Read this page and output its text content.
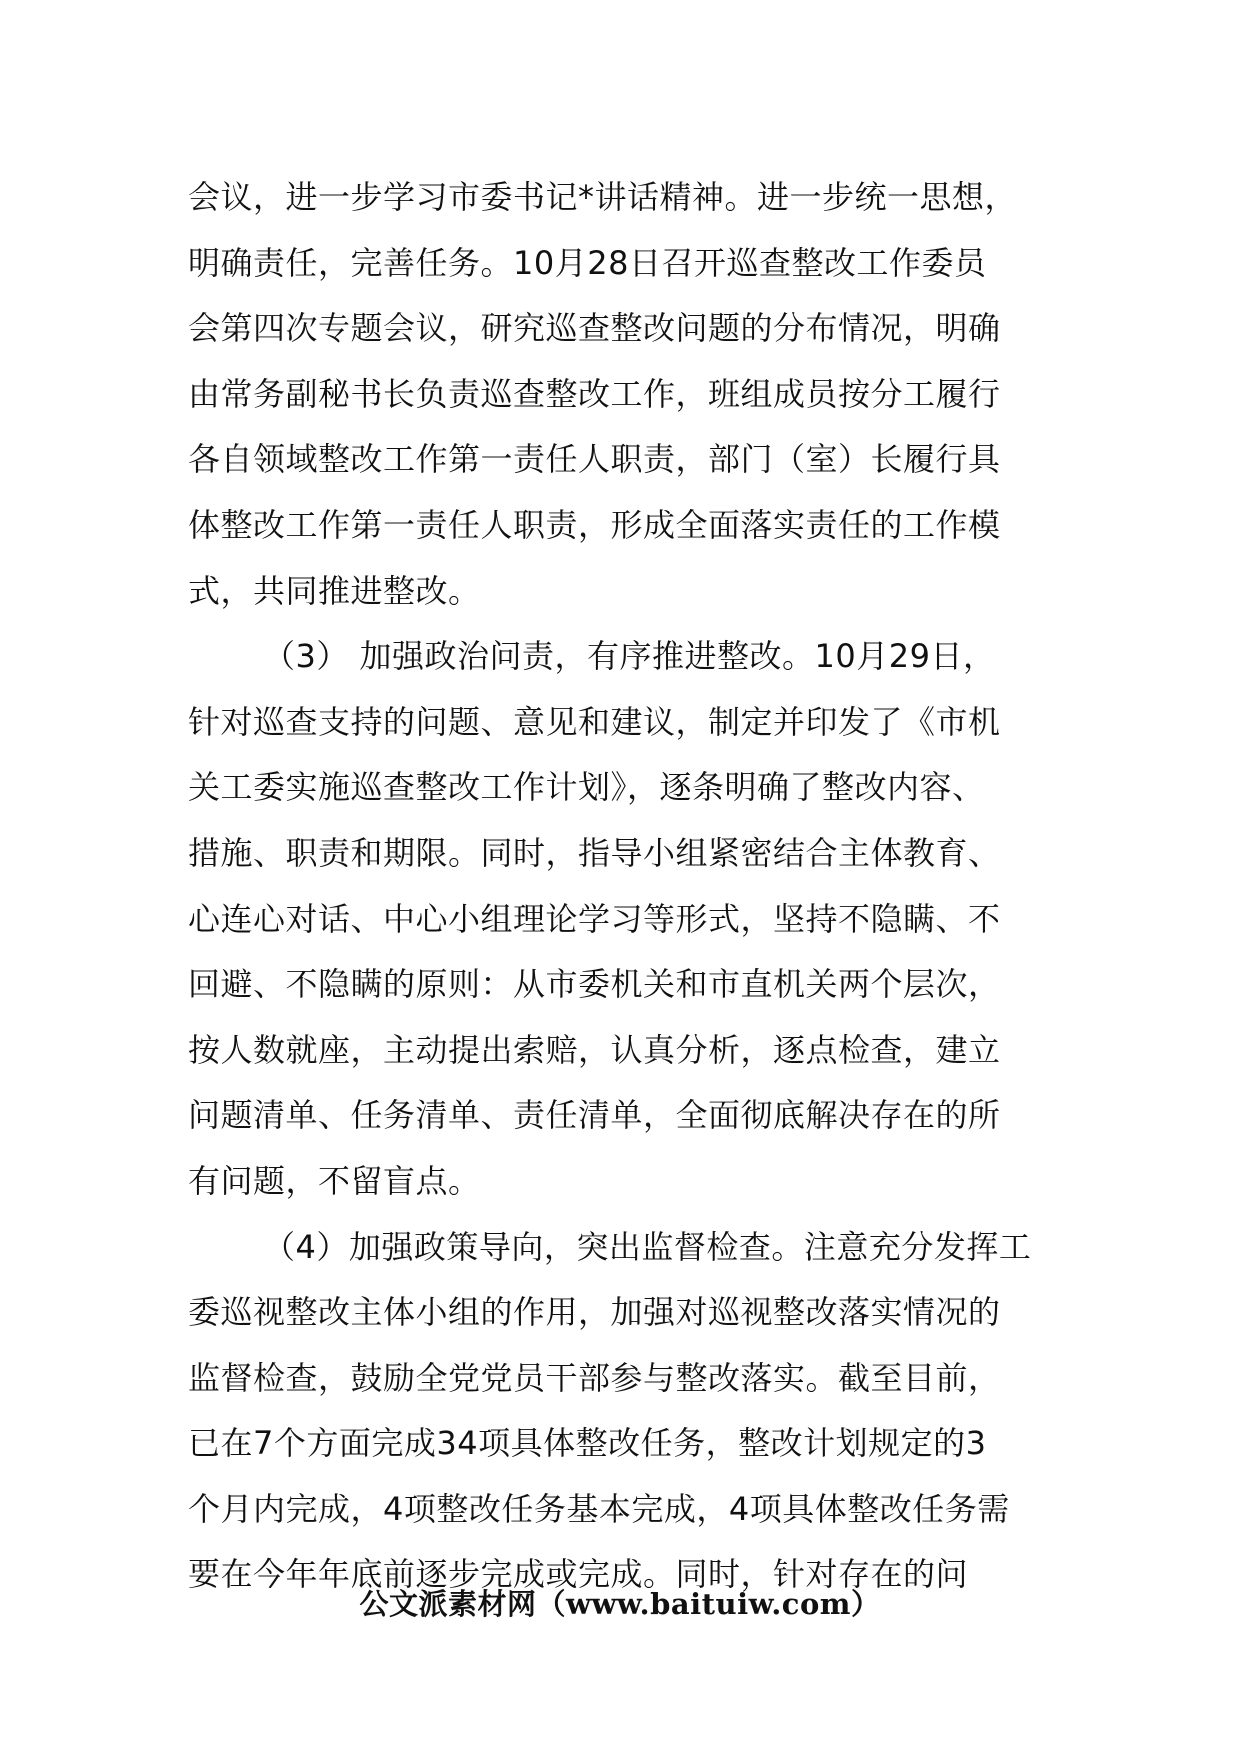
会议，进一步学习市委书记*讲话精神。进一步统一思想，
明确责任，完善任务。10月28日召开巡查整改工作委员
会第四次专题会议，研究巡查整改问题的分布情况，明确
由常务副秘书长负责巡查整改工作，班组成员按分工履行
各自领域整改工作第一责任人职责，部门（室）长履行具
体整改工作第一责任人职责，形成全面落实责任的工作模
式，共同推进整改。
（3） 加强政治问责，有序推进整改。10月29日，
针对巡查支持的问题、意见和建议，制定并印发了《市机
关工委实施巡查整改工作计划》，逐条明确了整改内容、
措施、职责和期限。同时，指导小组紧密结合主体教育、
心连心对话、中心小组理论学习等形式，坚持不隐瞒、不
回避、不隐瞒的原则：从市委机关和市直机关两个层次，
按人数就座，主动提出索赔，认真分析，逐点检查，建立
问题清单、任务清单、责任清单，全面彻底解决存在的所
有问题，不留盲点。
（4）加强政策导向，突出监督检查。注意充分发挥工
委巡视整改主体小组的作用，加强对巡视整改落实情况的
监督检查，鼓励全党党员干部参与整改落实。截至目前，
已在7个方面完成34项具体整改任务，整改计划规定的3
个月内完成，4项整改任务基本完成，4项具体整改任务需
要在今年年底前逐步完成或完成。同时，针对存在的问
公文派素材网（www.baituiw.com）
